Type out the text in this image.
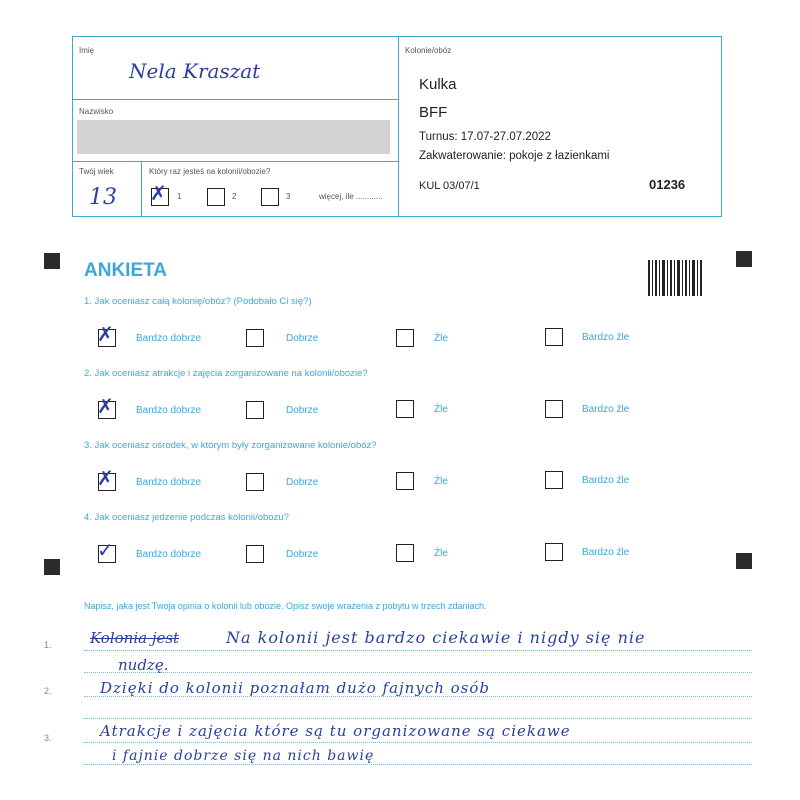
Imię
Nela Kraszat
Nazwisko
Twój wiek
13
Który raz jesteś na kolonii/obozie?
✗ 1	2	3	więcej, ile ............
Kolonie/obóz
Kulka
BFF
Turnus: 17.07-27.07.2022
Zakwaterowanie: pokoje z łazienkami
KUL 03/07/1	01236
ANKIETA
1. Jak oceniasz całą kolonię/obóz? (Podobało Ci się?)
✗ Bardzo dobrze	Dobrze	Źle	Bardzo źle
2. Jak oceniasz atrakcje i zajęcia zorganizowane na kolonii/obozie?
✗ Bardzo dobrze	Dobrze	Źle	Bardzo źle
3. Jak oceniasz ośrodek, w którym były zorganizowane kolonie/obóz?
✗ Bardzo dobrze	Dobrze	Źle	Bardzo źle
4. Jak oceniasz jedzenie podczas kolonii/obozu?
✓ Bardzo dobrze	Dobrze	Źle	Bardzo źle
Napisz, jaka jest Twoja opinia o kolonii lub obozie. Opisz swoje wrażenia z pobytu w trzech zdaniach.
1.
2.
3.
Kolonia jest	Na kolonii jest bardzo ciekawie i nigdy się nie
nudzę.
Dzięki do kolonii poznałam dużo fajnych osób
Atrakcje i zajęcia które są tu organizowane są ciekawe
i fajnie dobrze się na nich bawię
